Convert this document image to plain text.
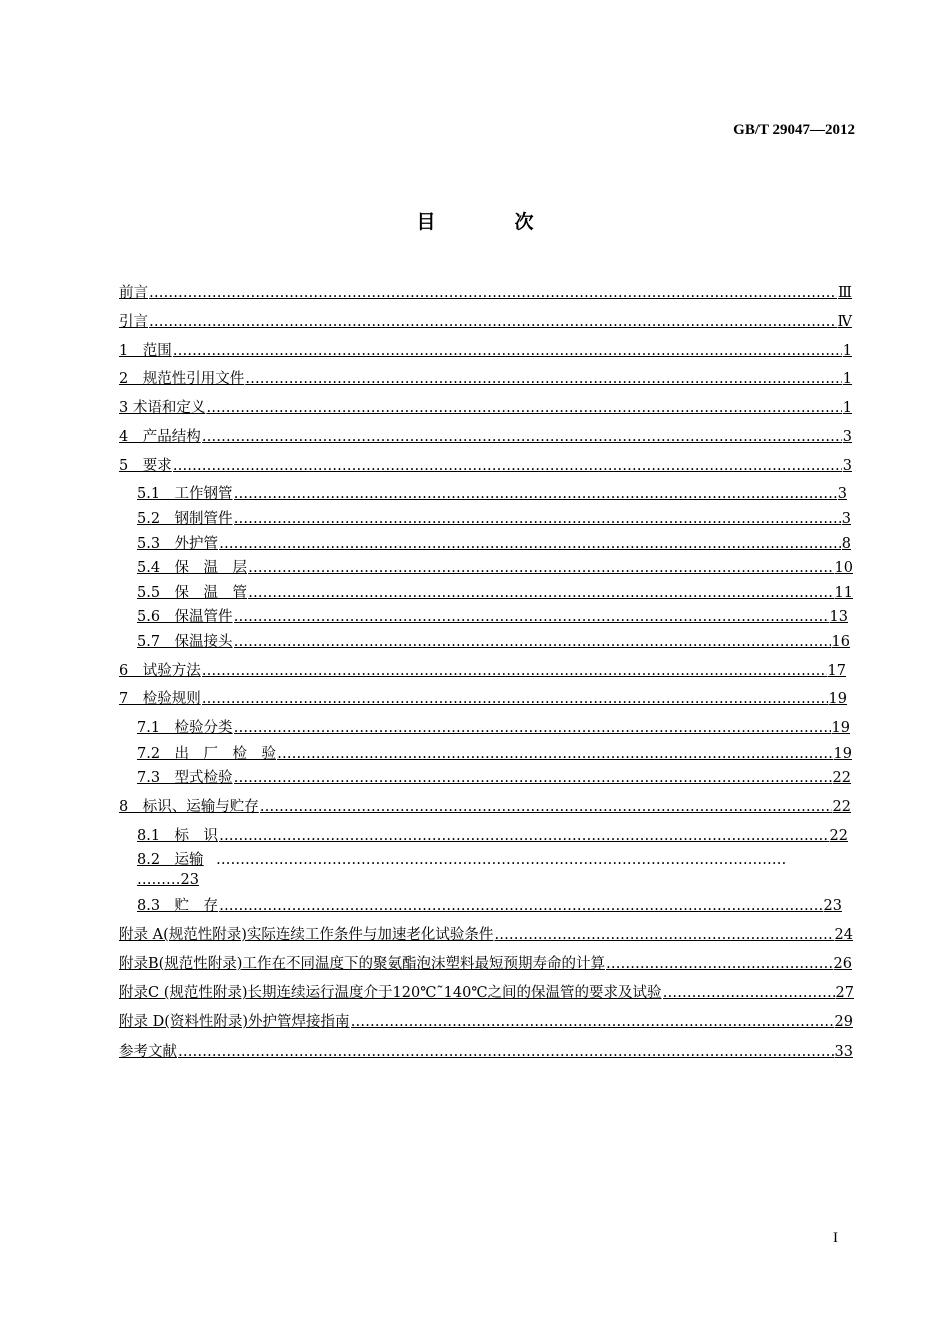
GB/T 29047—2012
目　次
前言 ………………………………………………………………………………………………………………………………………………………………………………………………………………………………	Ⅲ
引言 ………………………………………………………………………………………………………………………………………………………………………………………………………………………………	Ⅳ
1　范围 ………………………………………………………………………………………………………………………………………………………………………………………………………………………………	1
2　规范性引用文件 ………………………………………………………………………………………………………………………………………………………………………………………………………………………………	1
3 术语和定义 ………………………………………………………………………………………………………………………………………………………………………………………………………………………………	1
4　产品结构 ………………………………………………………………………………………………………………………………………………………………………………………………………………………………	3
5　要求 ………………………………………………………………………………………………………………………………………………………………………………………………………………………………	3
5.1　工作钢管 ………………………………………………………………………………………………………………………………………………………………………………………………………………………………	3
5.2　钢制管件 ………………………………………………………………………………………………………………………………………………………………………………………………………………………………	3
5.3　外护管 ………………………………………………………………………………………………………………………………………………………………………………………………………………………………	8
5.4　保　温　层 ………………………………………………………………………………………………………………………………………………………………………………………………………………………………	10
5.5　保　温　管 ………………………………………………………………………………………………………………………………………………………………………………………………………………………………	11
5.6　保温管件 ………………………………………………………………………………………………………………………………………………………………………………………………………………………………	13
5.7　保温接头 ………………………………………………………………………………………………………………………………………………………………………………………………………………………………	16
6　试验方法 ………………………………………………………………………………………………………………………………………………………………………………………………………………………………	17
7　检验规则 ………………………………………………………………………………………………………………………………………………………………………………………………………………………………	19
7.1　检验分类 ………………………………………………………………………………………………………………………………………………………………………………………………………………………………	19
7.2　出　厂　检　验 ………………………………………………………………………………………………………………………………………………………………………………………………………………………………	19
7.3　型式检验 ………………………………………………………………………………………………………………………………………………………………………………………………………………………………	22
8　标识、运输与贮存 ………………………………………………………………………………………………………………………………………………………………………………………………………………………………	22
8.1　标　识 ………………………………………………………………………………………………………………………………………………………………………………………………………………………………	22
8.2　运输
………………………………………………………………………………………………………………………………………………………………………………………………………………………………
………23
8.3　贮　存 ………………………………………………………………………………………………………………………………………………………………………………………………………………………………	23
附录 A(规范性附录)实际连续工作条件与加速老化试验条件 ………………………………………………………………………………………………………………………………………………………………………………………………………………………………	24
附录B(规范性附录)工作在不同温度下的聚氨酯泡沫塑料最短预期寿命的计算 ………………………………………………………………………………………………………………………………………………………………………………………………………………………………	26
附录C (规范性附录)长期连续运行温度介于120℃˜140℃之间的保温管的要求及试验 ………………………………………………………………………………………………………………………………………………………………………………………………………………………………	27
附录 D(资料性附录)外护管焊接指南 ………………………………………………………………………………………………………………………………………………………………………………………………………………………………	29
参考文献 ………………………………………………………………………………………………………………………………………………………………………………………………………………………………	33
I
